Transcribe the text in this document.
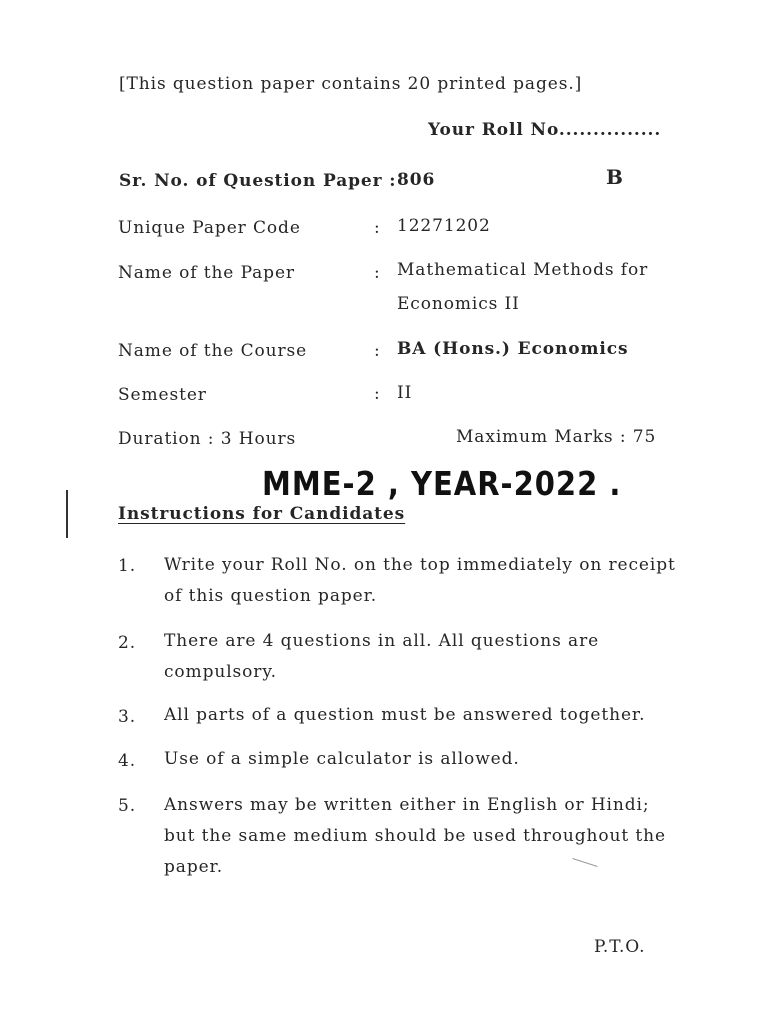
[This question paper contains 20 printed pages.]
Your Roll No...............
Sr. No. of Question Paper : 806	B
Unique Paper Code	: 12271202
Name of the Paper	: Mathematical Methods for
Economics II
Name of the Course	: BA (Hons.) Economics
Semester	: II
Duration : 3 Hours	Maximum Marks : 75
MME-2 , YEAR-2022 .
Instructions for Candidates
1. Write your Roll No. on the top immediately on receipt
of this question paper.
2. There are 4 questions in all. All questions are
compulsory.
3. All parts of a question must be answered together.
4. Use of a simple calculator is allowed.
5. Answers may be written either in English or Hindi;
but the same medium should be used throughout the
paper.
P.T.O.
